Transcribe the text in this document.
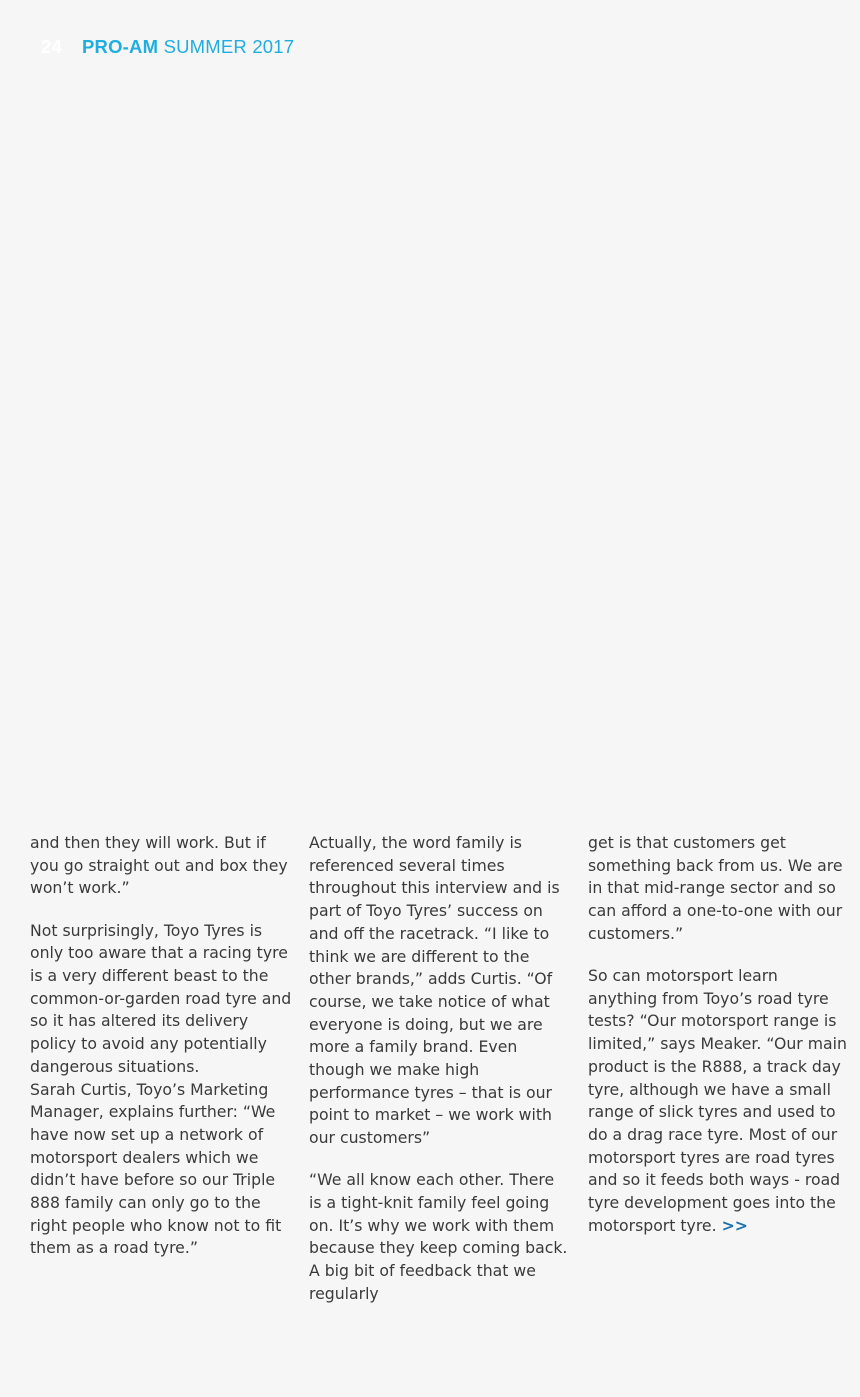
24 PRO-AM SUMMER 2017

and then they will work. But if you go straight out and box they won’t work.”

Not surprisingly, Toyo Tyres is only too aware that a racing tyre is a very different beast to the common-or-garden road tyre and so it has altered its delivery policy to avoid any potentially dangerous situations.

Sarah Curtis, Toyo’s Marketing Manager, explains further: “We have now set up a network of motorsport dealers which we didn’t have before so our Triple 888 family can only go to the right people who know not to fit them as a road tyre.”

Actually, the word family is referenced several times throughout this interview and is part of Toyo Tyres’ success on and off the racetrack. “I like to think we are different to the other brands,” adds Curtis. “Of course, we take notice of what everyone is doing, but we are more a family brand. Even though we make high performance tyres – that is our point to market – we work with our customers”

“We all know each other. There is a tight-knit family feel going on. It’s why we work with them because they keep coming back. A big bit of feedback that we regularly

get is that customers get something back from us. We are in that mid-range sector and so can afford a one-to-one with our customers.”

So can motorsport learn anything from Toyo’s road tyre tests? “Our motorsport range is limited,” says Meaker. “Our main product is the R888, a track day tyre, although we have a small range of slick tyres and used to do a drag race tyre. Most of our motorsport tyres are road tyres and so it feeds both ways - road tyre development goes into the motorsport tyre. >>
